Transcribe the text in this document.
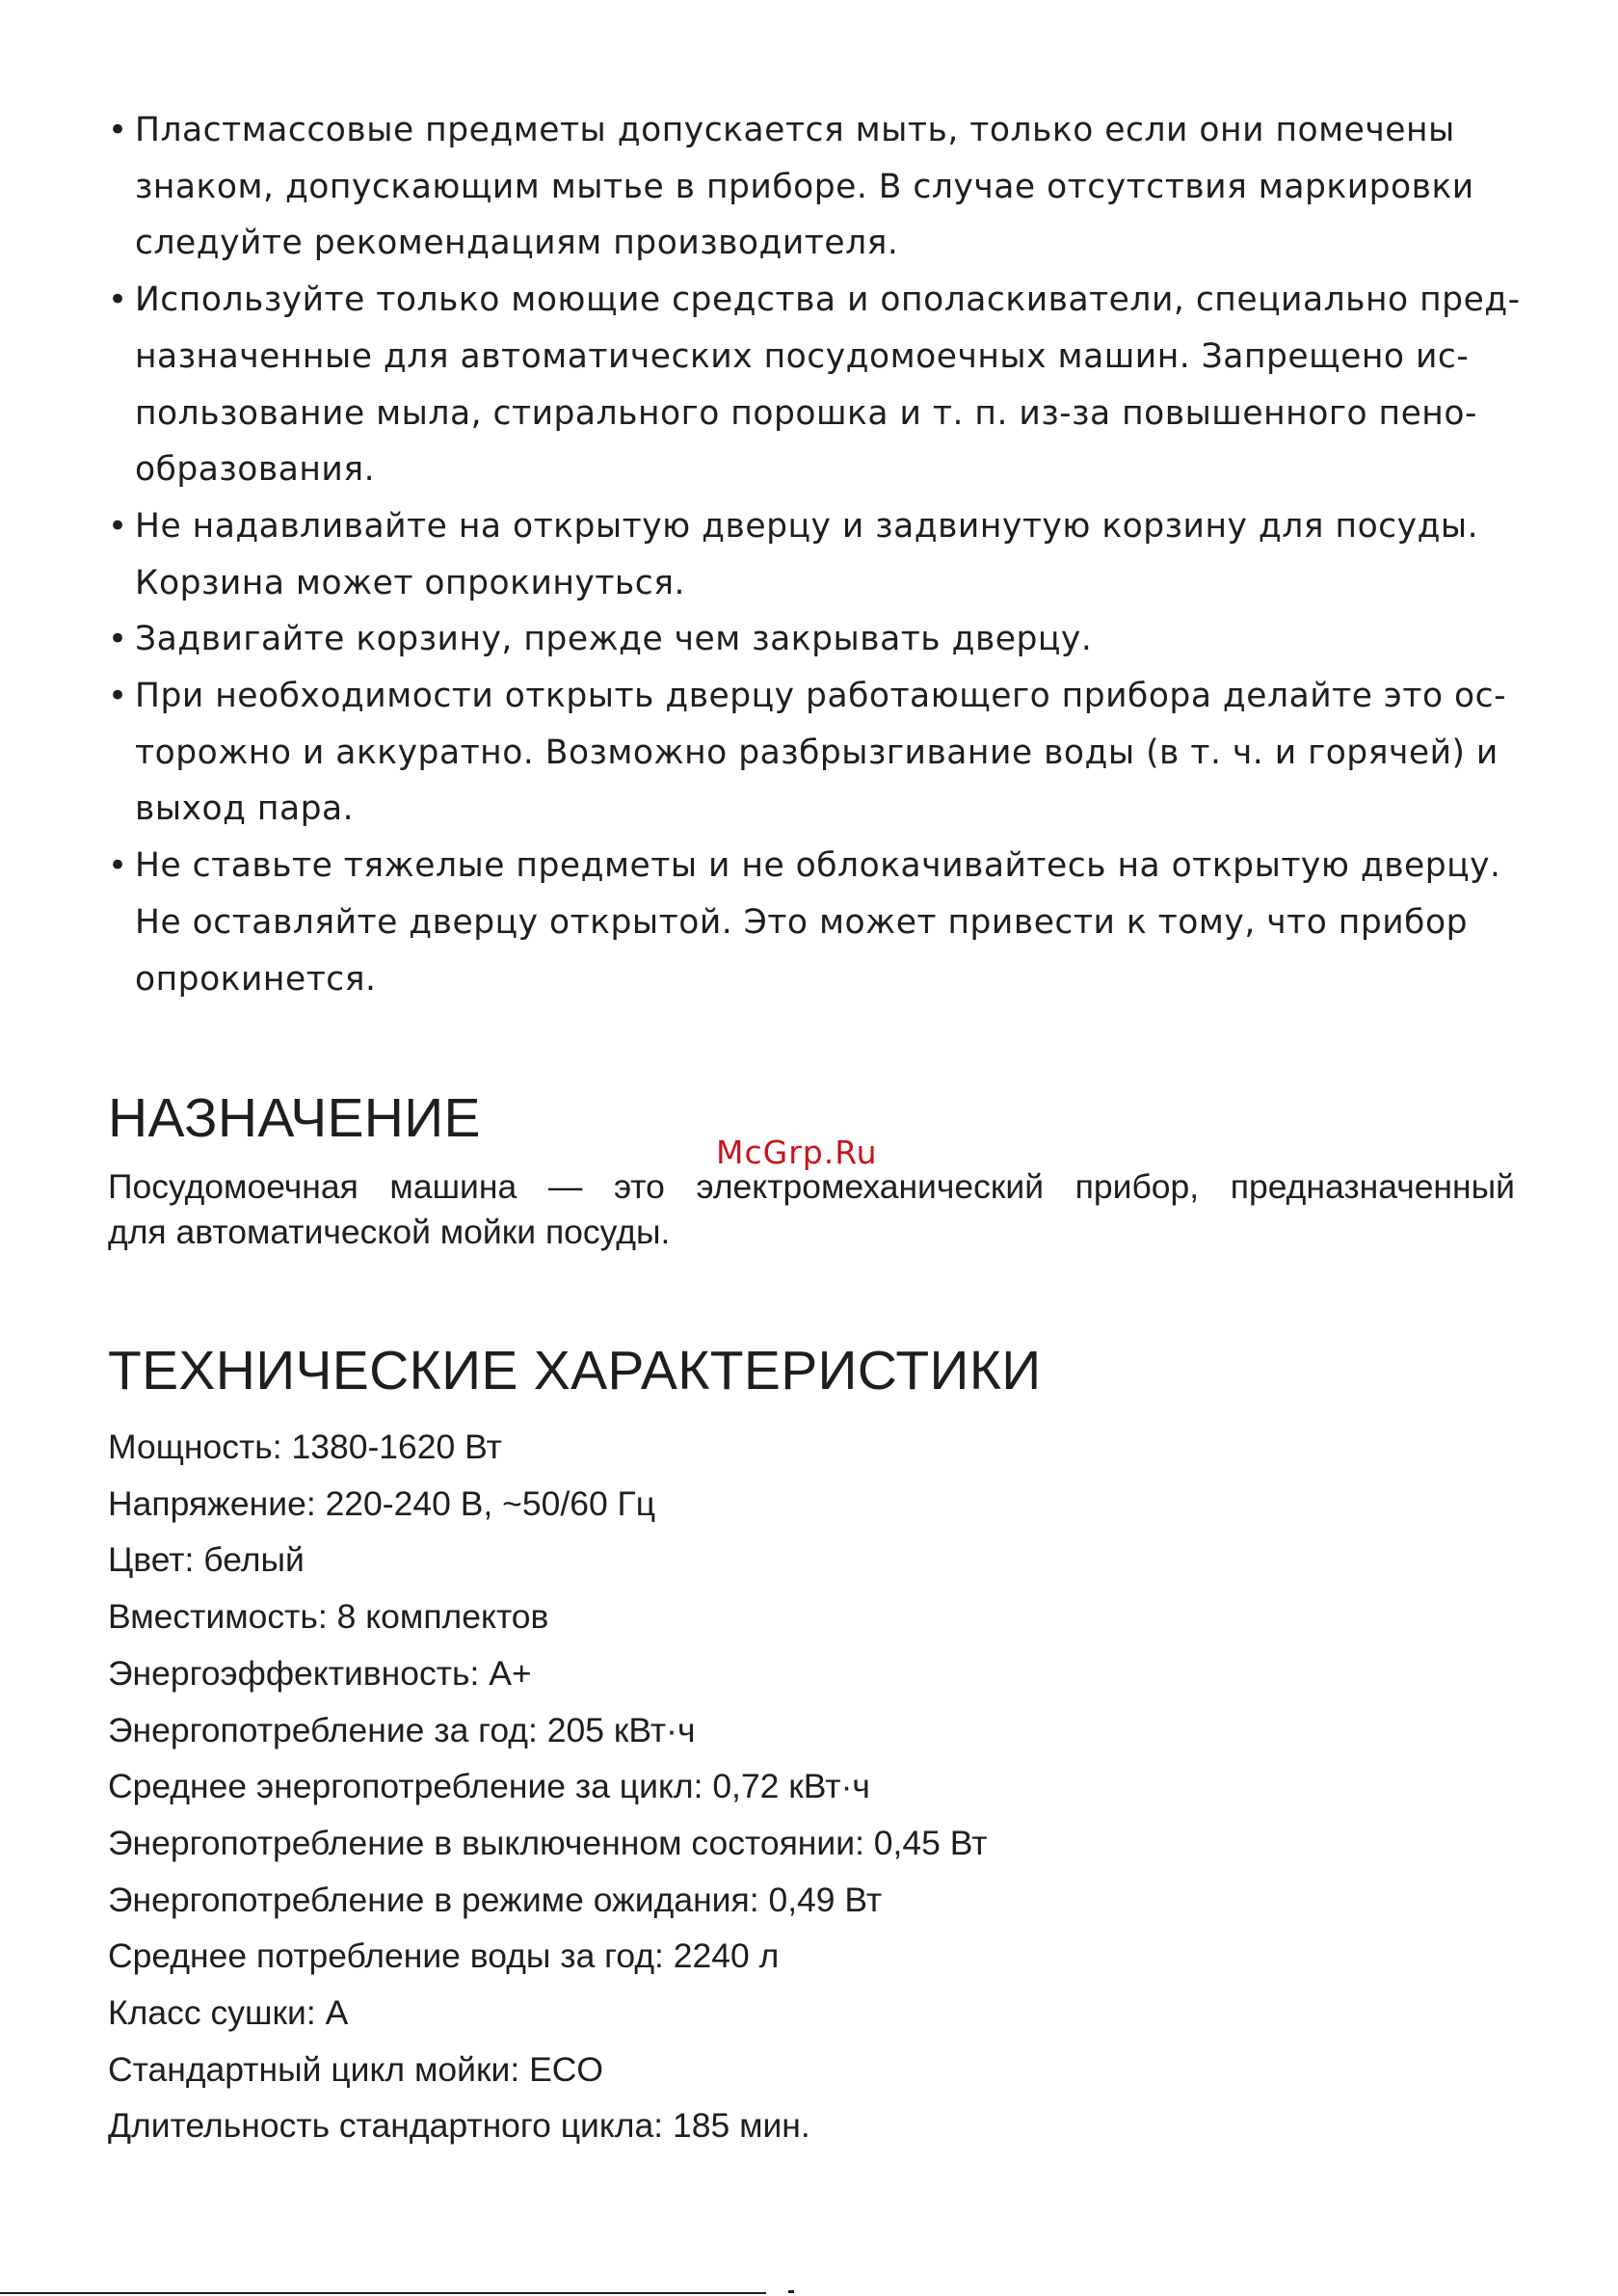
• Пластмассовые предметы допускается мыть, только если они помечены
знаком, допускающим мытье в приборе. В случае отсутствия маркировки
следуйте рекомендациям производителя.
• Используйте только моющие средства и ополаскиватели, специально пред-
назначенные для автоматических посудомоечных машин. Запрещено ис-
пользование мыла, стирального порошка и т. п. из-за повышенного пено-
образования.
• Не надавливайте на открытую дверцу и задвинутую корзину для посуды.
Корзина может опрокинуться.
• Задвигайте корзину, прежде чем закрывать дверцу.
• При необходимости открыть дверцу работающего прибора делайте это ос-
торожно и аккуратно. Возможно разбрызгивание воды (в т. ч. и горячей) и
выход пара.
• Не ставьте тяжелые предметы и не облокачивайтесь на открытую дверцу.
Не оставляйте дверцу открытой. Это может привести к тому, что прибор
опрокинется.
НАЗНАЧЕНИЕ
McGrp.Ru

Посудомоечная машина — это электромеханический прибор, предназначенный
для автоматической мойки посуды.

ТЕХНИЧЕСКИЕ ХАРАКТЕРИСТИКИ
Мощность: 1380-1620 Вт
Напряжение: 220-240 В, ~50/60 Гц
Цвет: белый
Вместимость: 8 комплектов
Энергоэффективность: A+
Энергопотребление за год: 205 кВт·ч
Среднее энергопотребление за цикл: 0,72 кВт·ч
Энергопотребление в выключенном состоянии: 0,45 Вт
Энергопотребление в режиме ожидания: 0,49 Вт
Среднее потребление воды за год: 2240 л
Класс сушки: A
Стандартный цикл мойки: ECO
Длительность стандартного цикла: 185 мин.
